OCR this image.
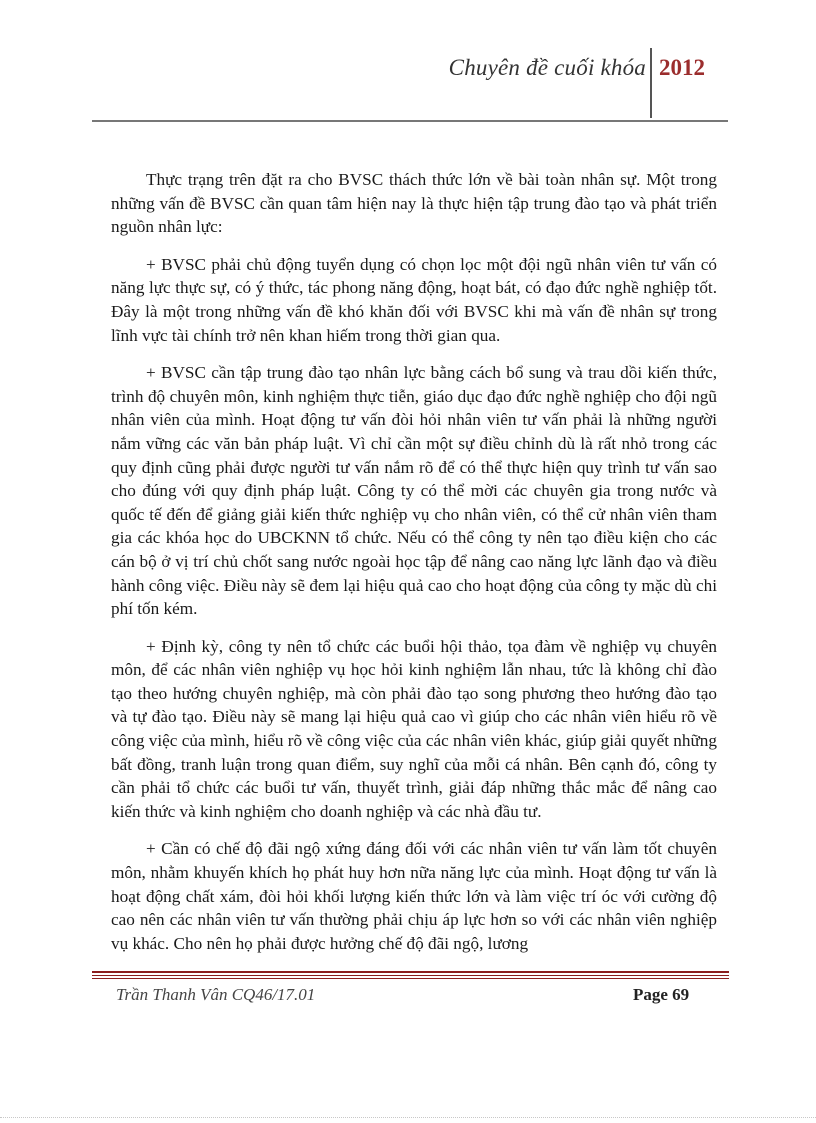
Chuyên đề cuối khóa 2012

Thực trạng trên đặt ra cho BVSC thách thức lớn về bài toàn nhân sự. Một trong những vấn đề BVSC cần quan tâm hiện nay là thực hiện tập trung đào tạo và phát triển nguồn nhân lực:

+ BVSC phải chủ động tuyển dụng có chọn lọc một đội ngũ nhân viên tư vấn có năng lực thực sự, có ý thức, tác phong năng động, hoạt bát, có đạo đức nghề nghiệp tốt. Đây là một trong những vấn đề khó khăn đối với BVSC khi mà vấn đề nhân sự trong lĩnh vực tài chính trở nên khan hiếm trong thời gian qua.

+ BVSC cần tập trung đào tạo nhân lực bằng cách bổ sung và trau dồi kiến thức, trình độ chuyên môn, kinh nghiệm thực tiễn, giáo dục đạo đức nghề nghiệp cho đội ngũ nhân viên của mình. Hoạt động tư vấn đòi hỏi nhân viên tư vấn phải là những người nắm vững các văn bản pháp luật. Vì chỉ cần một sự điều chỉnh dù là rất nhỏ trong các quy định cũng phải được người tư vấn nắm rõ để có thể thực hiện quy trình tư vấn sao cho đúng với quy định pháp luật. Công ty có thể mời các chuyên gia trong nước và quốc tế đến để giảng giải kiến thức nghiệp vụ cho nhân viên, có thể cử nhân viên tham gia các khóa học do UBCKNN tổ chức. Nếu có thể công ty nên tạo điều kiện cho các cán bộ ở vị trí chủ chốt sang nước ngoài học tập để nâng cao năng lực lãnh đạo và điều hành công việc. Điều này sẽ đem lại hiệu quả cao cho hoạt động của công ty mặc dù chi phí tốn kém.

+ Định kỳ, công ty nên tổ chức các buổi hội thảo, tọa đàm về nghiệp vụ chuyên môn, để các nhân viên nghiệp vụ học hỏi kinh nghiệm lẫn nhau, tức là không chỉ đào tạo theo hướng chuyên nghiệp, mà còn phải đào tạo song phương theo hướng đào tạo và tự đào tạo. Điều này sẽ mang lại hiệu quả cao vì giúp cho các nhân viên hiểu rõ về công việc của mình, hiểu rõ về công việc của các nhân viên khác, giúp giải quyết những bất đồng, tranh luận trong quan điểm, suy nghĩ của mỗi cá nhân. Bên cạnh đó, công ty cần phải tổ chức các buổi tư vấn, thuyết trình, giải đáp những thắc mắc để nâng cao kiến thức và kinh nghiệm cho doanh nghiệp và các nhà đầu tư.

+ Cần có chế độ đãi ngộ xứng đáng đối với các nhân viên tư vấn làm tốt chuyên môn, nhằm khuyến khích họ phát huy hơn nữa năng lực của mình. Hoạt động tư vấn là hoạt động chất xám, đòi hỏi khối lượng kiến thức lớn và làm việc trí óc với cường độ cao nên các nhân viên tư vấn thường phải chịu áp lực hơn so với các nhân viên nghiệp vụ khác. Cho nên họ phải được hưởng chế độ đãi ngộ, lương

Trần Thanh Vân CQ46/17.01	Page 69
